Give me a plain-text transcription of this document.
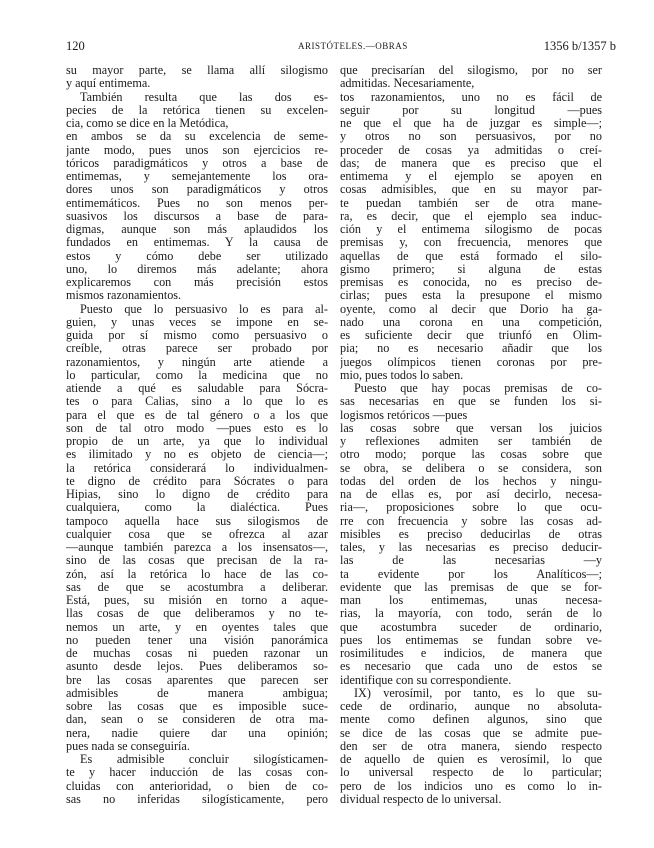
120	ARISTÓTELES.—OBRAS	1356 b/1357 b
su mayor parte, se llama allí silogismo
y aquí entimema.
También resulta que las dos es-
pecies de la retórica tienen su excelen-
cia, como se dice en la Metódica,
en ambos se da su excelencia de seme-
jante modo, pues unos son ejercicios re-
tóricos paradigmáticos y otros a base de
entimemas, y semejantemente los ora-
dores unos son paradigmáticos y otros
entimemáticos. Pues no son menos per-
suasivos los discursos a base de para-
digmas, aunque son más aplaudidos los
fundados en entimemas. Y la causa de
estos y cómo debe ser utilizado
uno, lo diremos más adelante; ahora
explicaremos con más precisión estos
mismos razonamientos.
Puesto que lo persuasivo lo es para al-
guien, y unas veces se impone en se-
guida por sí mismo como persuasivo o
creíble, otras parece ser probado por
razonamientos, y ningún arte atiende a
lo particular, como la medicina que no
atiende a qué es saludable para Sócra-
tes o para Calias, sino a lo que lo es
para el que es de tal género o a los que
son de tal otro modo —pues esto es lo
propio de un arte, ya que lo individual
es ilimitado y no es objeto de ciencia—;
la retórica considerará lo individualmen-
te digno de crédito para Sócrates o para
Hipias, sino lo digno de crédito para
cualquiera, como la dialéctica. Pues
tampoco aquella hace sus silogismos de
cualquier cosa que se ofrezca al azar
—aunque también parezca a los insensatos—,
sino de las cosas que precisan de la ra-
zón, así la retórica lo hace de las co-
sas de que se acostumbra a deliberar.
Está, pues, su misión en torno a aque-
llas cosas de que deliberamos y no te-
nemos un arte, y en oyentes tales que
no pueden tener una visión panorámica
de muchas cosas ni pueden razonar un
asunto desde lejos. Pues deliberamos so-
bre las cosas aparentes que parecen ser
admisibles de manera ambigua;
sobre las cosas que es imposible suce-
dan, sean o se consideren de otra ma-
nera, nadie quiere dar una opinión;
pues nada se conseguiría.
Es admisible concluir silogísticamen-
te y hacer inducción de las cosas con-
cluidas con anterioridad, o bien de co-
sas no inferidas silogísticamente, pero
que precisarían del silogismo, por no ser
admitidas. Necesariamente,
tos razonamientos, uno no es fácil de
seguir por su longitud —pues
ne que el que ha de juzgar es simple—;
y otros no son persuasivos, por no
proceder de cosas ya admitidas o creí-
das; de manera que es preciso que el
entimema y el ejemplo se apoyen en
cosas admisibles, que en su mayor par-
te puedan también ser de otra mane-
ra, es decir, que el ejemplo sea induc-
ción y el entimema silogismo de pocas
premisas y, con frecuencia, menores que
aquellas de que está formado el silo-
gismo primero; si alguna de estas
premisas es conocida, no es preciso de-
cirlas; pues esta la presupone el mismo
oyente, como al decir que Dorio ha ga-
nado una corona en una competición,
es suficiente decir que triunfó en Olim-
pia; no es necesario añadir que los
juegos olímpicos tienen coronas por pre-
mio, pues todos lo saben.
Puesto que hay pocas premisas de co-
sas necesarias en que se funden los si-
logismos retóricos —pues
las cosas sobre que versan los juicios
y reflexiones admiten ser también de
otro modo; porque las cosas sobre que
se obra, se delibera o se considera, son
todas del orden de los hechos y ningu-
na de ellas es, por así decirlo, necesa-
ria—, proposiciones sobre lo que ocu-
rre con frecuencia y sobre las cosas ad-
misibles es preciso deducirlas de otras
tales, y las necesarias es preciso deducir-
las de las necesarias —y
ta evidente por los Analíticos—;
evidente que las premisas de que se for-
man los entimemas, unas necesa-
rias, la mayoría, con todo, serán de lo
que acostumbra suceder de ordinario,
pues los entimemas se fundan sobre ve-
rosimilitudes e indicios, de manera que
es necesario que cada uno de estos se
identifique con su correspondiente.
IX) verosímil, por tanto, es lo que su-
cede de ordinario, aunque no absoluta-
mente como definen algunos, sino que
se dice de las cosas que se admite pue-
den ser de otra manera, siendo respecto
de aquello de quien es verosímil, lo que
lo universal respecto de lo particular;
pero de los indicios uno es como lo in-
dividual respecto de lo universal.
